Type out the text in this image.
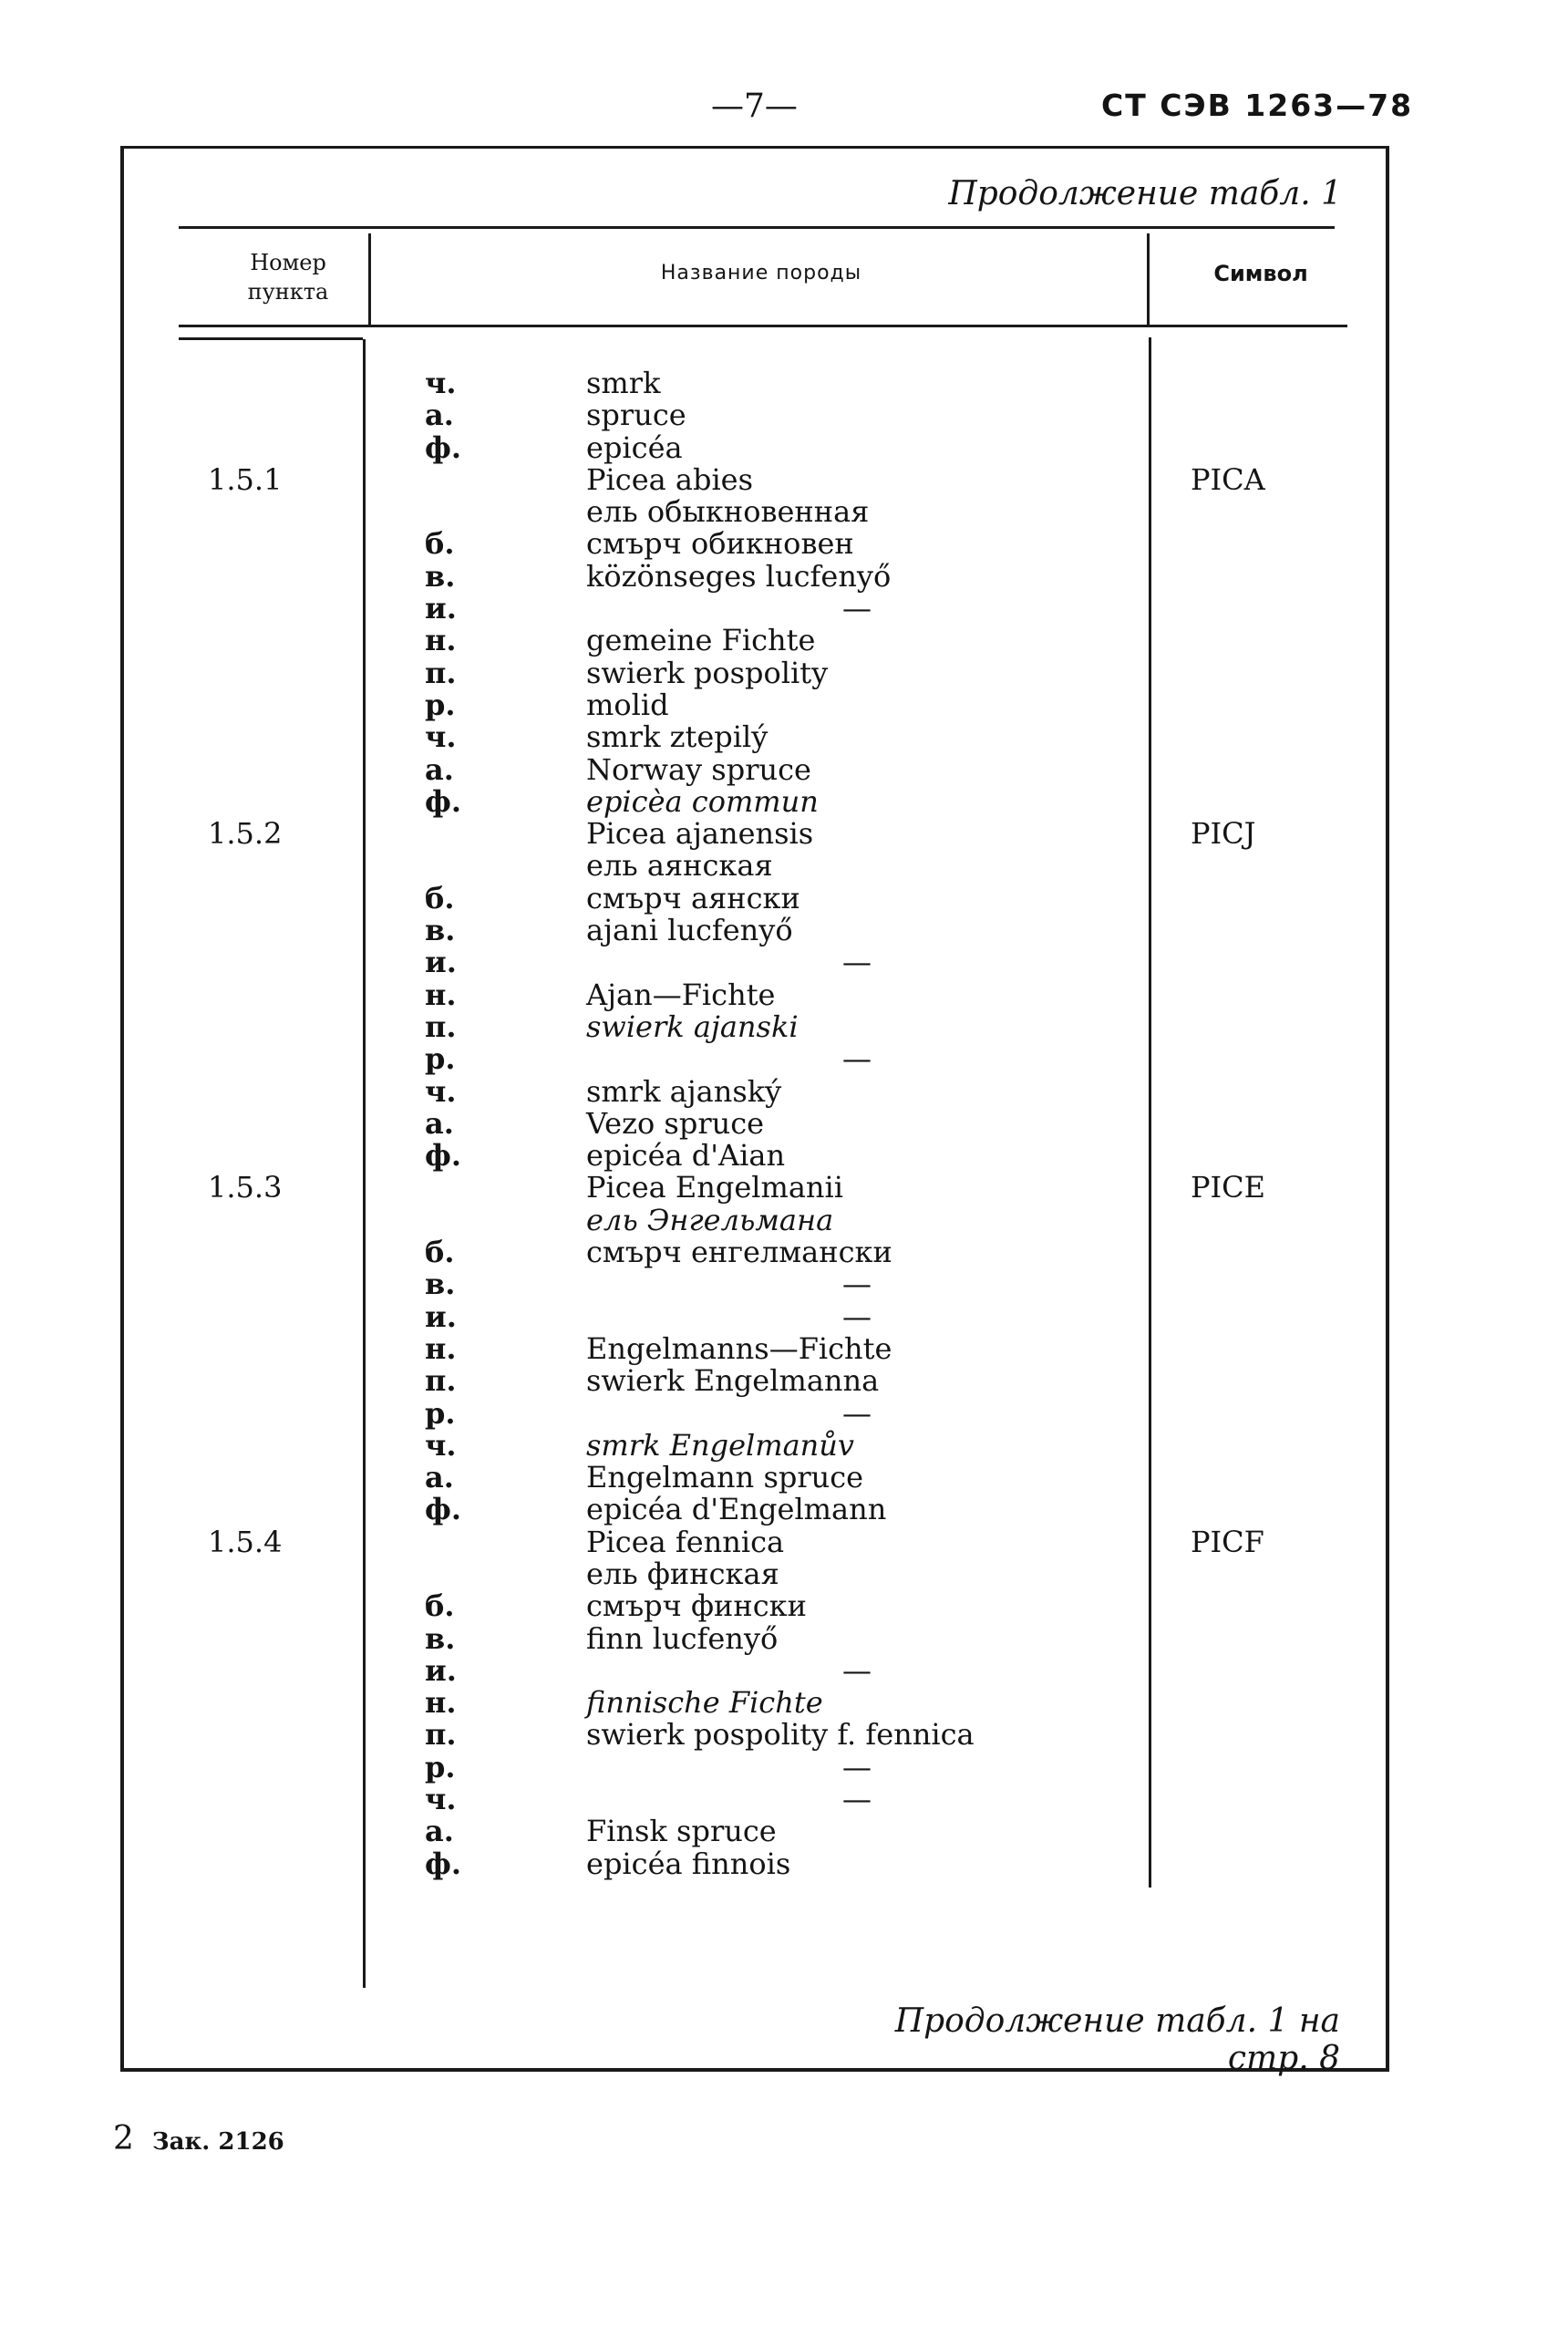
—7—	СТ СЭВ 1263—78
Продолжение табл. 1
Номер
пункта
Название породы	Символ
ч.	smrk
а.	spruce
ф.	epicéa
1.5.1	Picea abies	PICA
ель обыкновенная
б.	смърч обикновен
в.	közönseges lucfenyő
и.	—
н.	gemeine Fichte
п.	swierk pospolity
р.	molid
ч.	smrk ztepilý
а.	Norway spruce
ф.	epicèa commun
1.5.2	Picea ajanensis	PICJ
ель аянская
б.	смърч аянски
в.	ajani lucfenyő
и.	—
н.	Ajan—Fichte
п.	swierk ajanski
р.	—
ч.	smrk ajanský
а.	Vezo spruce
ф.	epicéa d'Aian
1.5.3	Picea Engelmanii	PICE
ель Энгельмана
б.	смърч енгелмански
в.	—
и.	—
н.	Engelmanns—Fichte
п.	swierk Engelmanna
р.	—
ч.	smrk Engelmanův
а.	Engelmann spruce
ф.	epicéa d'Engelmann
1.5.4	Picea fennica	PICF
ель финская
б.	смърч фински
в.	finn lucfenyő
и.	—
н.	finnische Fichte
п.	swierk pospolity f. fennica
р.	—
ч.	—
а.	Finsk spruce
ф.	epicéa finnois
Продолжение табл. 1 на стр. 8
2 Зак. 2126
